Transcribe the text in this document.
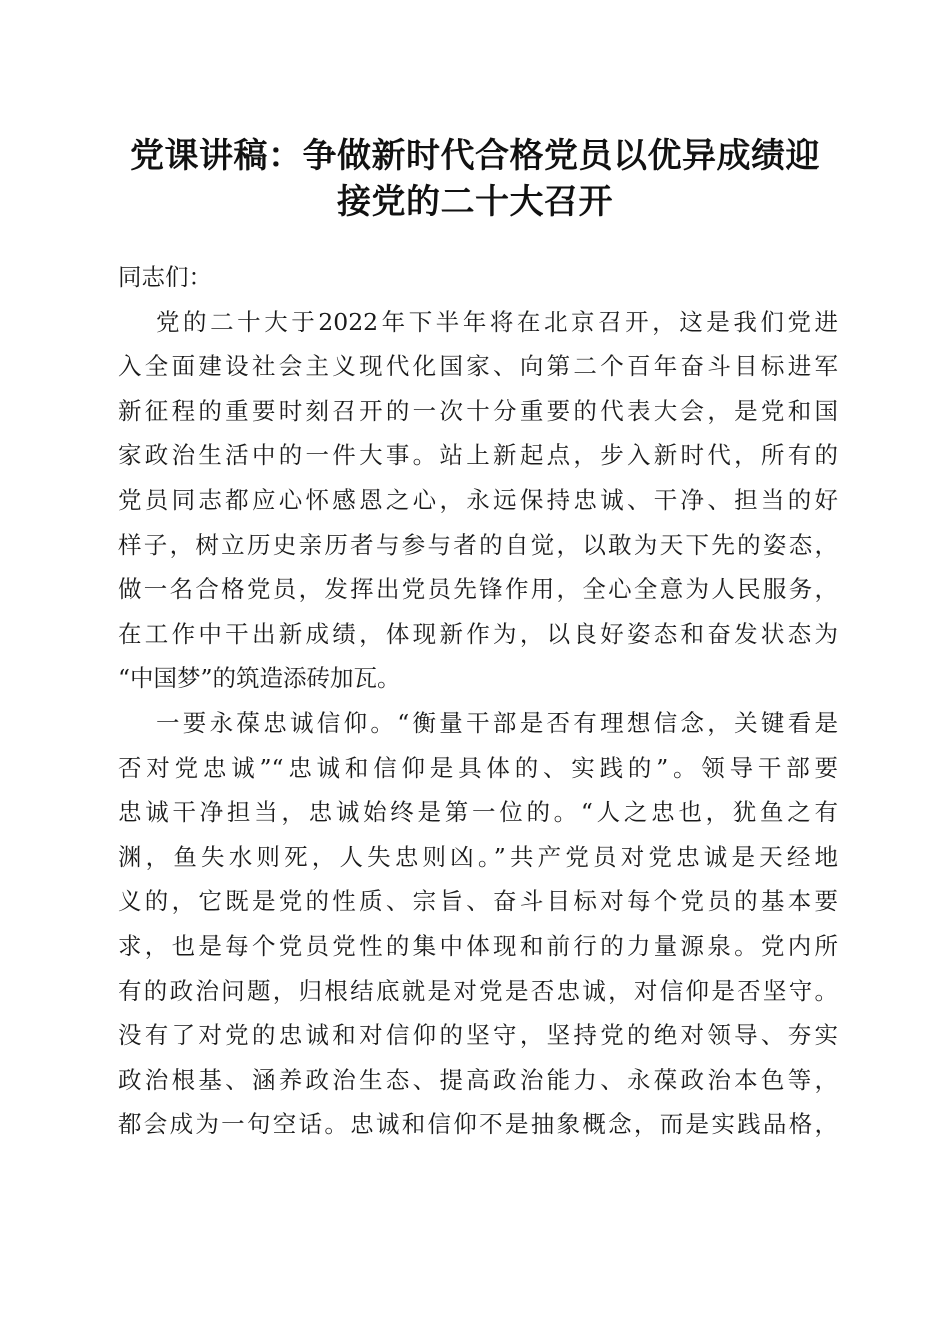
党课讲稿：争做新时代合格党员以优异成绩迎
接党的二十大召开
同志们：
党的二十大于2022年下半年将在北京召开，这是我们党进
入全面建设社会主义现代化国家、向第二个百年奋斗目标进军
新征程的重要时刻召开的一次十分重要的代表大会，是党和国
家政治生活中的一件大事。站上新起点，步入新时代，所有的
党员同志都应心怀感恩之心，永远保持忠诚、干净、担当的好
样子，树立历史亲历者与参与者的自觉，以敢为天下先的姿态，
做一名合格党员，发挥出党员先锋作用，全心全意为人民服务，
在工作中干出新成绩，体现新作为，以良好姿态和奋发状态为
“中国梦”的筑造添砖加瓦。
一要永葆忠诚信仰。“衡量干部是否有理想信念，关键看是
否对党忠诚”“忠诚和信仰是具体的、实践的”。领导干部要
忠诚干净担当，忠诚始终是第一位的。“人之忠也，犹鱼之有
渊，鱼失水则死，人失忠则凶。”共产党员对党忠诚是天经地
义的，它既是党的性质、宗旨、奋斗目标对每个党员的基本要
求，也是每个党员党性的集中体现和前行的力量源泉。党内所
有的政治问题，归根结底就是对党是否忠诚，对信仰是否坚守。
没有了对党的忠诚和对信仰的坚守，坚持党的绝对领导、夯实
政治根基、涵养政治生态、提高政治能力、永葆政治本色等，
都会成为一句空话。忠诚和信仰不是抽象概念，而是实践品格，
